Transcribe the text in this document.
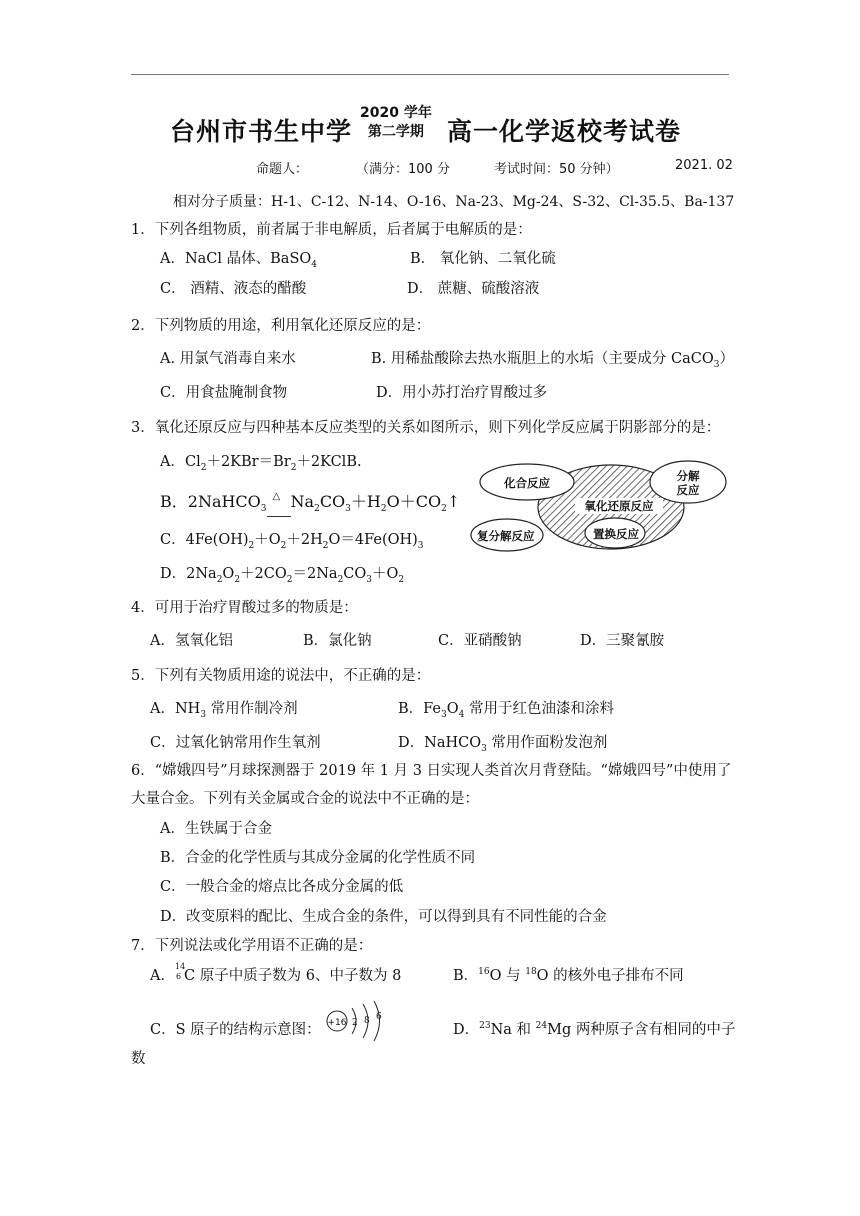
台州市书生中学
2020 学年
第二学期 高一化学返校考试卷
命题人：	（满分：100 分	考试时间：50 分钟）	2021. 02
相对分子质量：H-1、C-12、N-14、O-16、Na-23、Mg-24、S-32、Cl-35.5、Ba-137
1．下列各组物质，前者属于非电解质，后者属于电解质的是：
A．NaCl 晶体、BaSO$_4$	B． 氧化钠、二氧化硫
C． 酒精、液态的醋酸	D． 蔗糖、硫酸溶液
2．下列物质的用途，利用氧化还原反应的是：
A. 用氯气消毒自来水	B. 用稀盐酸除去热水瓶胆上的水垢（主要成分 CaCO$_3$）
C．用食盐腌制食物	D．用小苏打治疗胃酸过多
3．氧化还原反应与四种基本反应类型的关系如图所示，则下列化学反应属于阴影部分的是：
A．$Cl_2+2KBr=Br_2+2KClB$.
B．2NaHCO$_3$
△ $Na_2CO_3+H_2O+CO_2↑$
C．$4Fe(OH)_2+O_2+2H_2O=4Fe(OH)_3$
D．$2Na_2O_2+2CO_2=2Na_2CO_3+O_2$
化合反应	分解
反应
氧化还原反应
复分解反应	置换反应
4．可用于治疗胃酸过多的物质是：
A．氢氧化铝	B．氯化钠	C．亚硝酸钠	D．三聚氰胺
5．下列有关物质用途的说法中，不正确的是：
A．$NH_3$ 常用作制冷剂	B．$Fe_3O_4$ 常用于红色油漆和涂料
C．过氧化钠常用作生氧剂	D．NaHCO$_3$ 常用作面粉发泡剂
6．“嫦娥四号”月球探测器于 2019 年 1 月 3 日实现人类首次月背登陆。“嫦娥四号”中使用了
大量合金。下列有关金属或合金的说法中不正确的是：
A．生铁属于合金
B．合金的化学性质与其成分金属的化学性质不同
C．一般合金的熔点比各成分金属的低
D．改变原料的配比、生成合金的条件，可以得到具有不同性能的合金
7．下列说法或化学用语不正确的是：
A．
14
6 C 原子中质子数为 6、中子数为 8	B．$^{16}$O 与 $^{18}$O 的核外电子排布不同
C．S 原子的结构示意图： +16 2 8 6
D．$^{23}$Na 和 $^{24}$Mg 两种原子含有相同的中子
数
